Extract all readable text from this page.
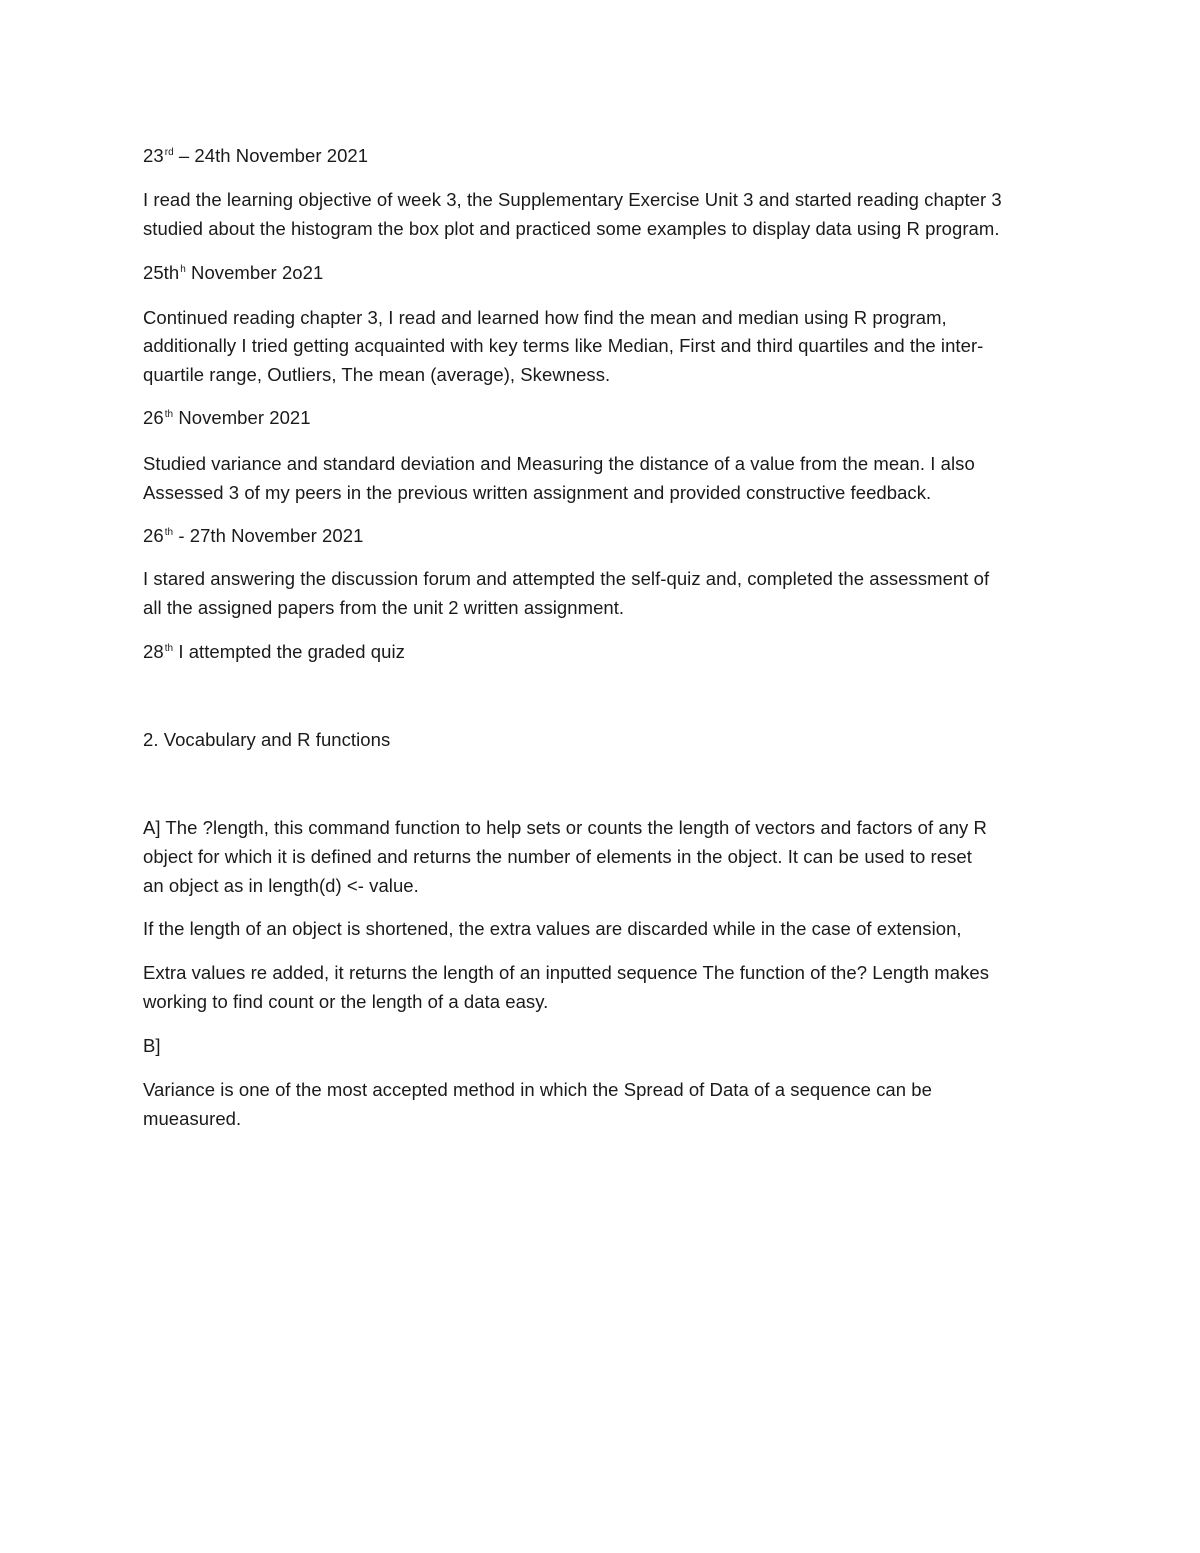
23rd – 24th November 2021
I read the learning objective of week 3, the Supplementary Exercise Unit 3 and started reading chapter 3
studied about the histogram the box plot and practiced some examples to display data using R program.
$25th^h$ November 2o21
Continued reading chapter 3, I read and learned how find the mean and median using R program,
additionally I tried getting acquainted with key terms like Median, First and third quartiles and the inter-
quartile range, Outliers, The mean (average), Skewness.
26th November 2021
Studied variance and standard deviation and Measuring the distance of a value from the mean. I also
Assessed 3 of my peers in the previous written assignment and provided constructive feedback.
26th - 27th November 2021
I stared answering the discussion forum and attempted the self-quiz and, completed the assessment of
all the assigned papers from the unit 2 written assignment.
28th I attempted the graded quiz
2. Vocabulary and R functions
A] The ?length, this command function to help sets or counts the length of vectors and factors of any R
object for which it is defined and returns the number of elements in the object. It can be used to reset
an object as in length(d) <- value.
If the length of an object is shortened, the extra values are discarded while in the case of extension,
Extra values re added, it returns the length of an inputted sequence The function of the? Length makes
working to find count or the length of a data easy.
B]
Variance is one of the most accepted method in which the Spread of Data of a sequence can be
mueasured.
